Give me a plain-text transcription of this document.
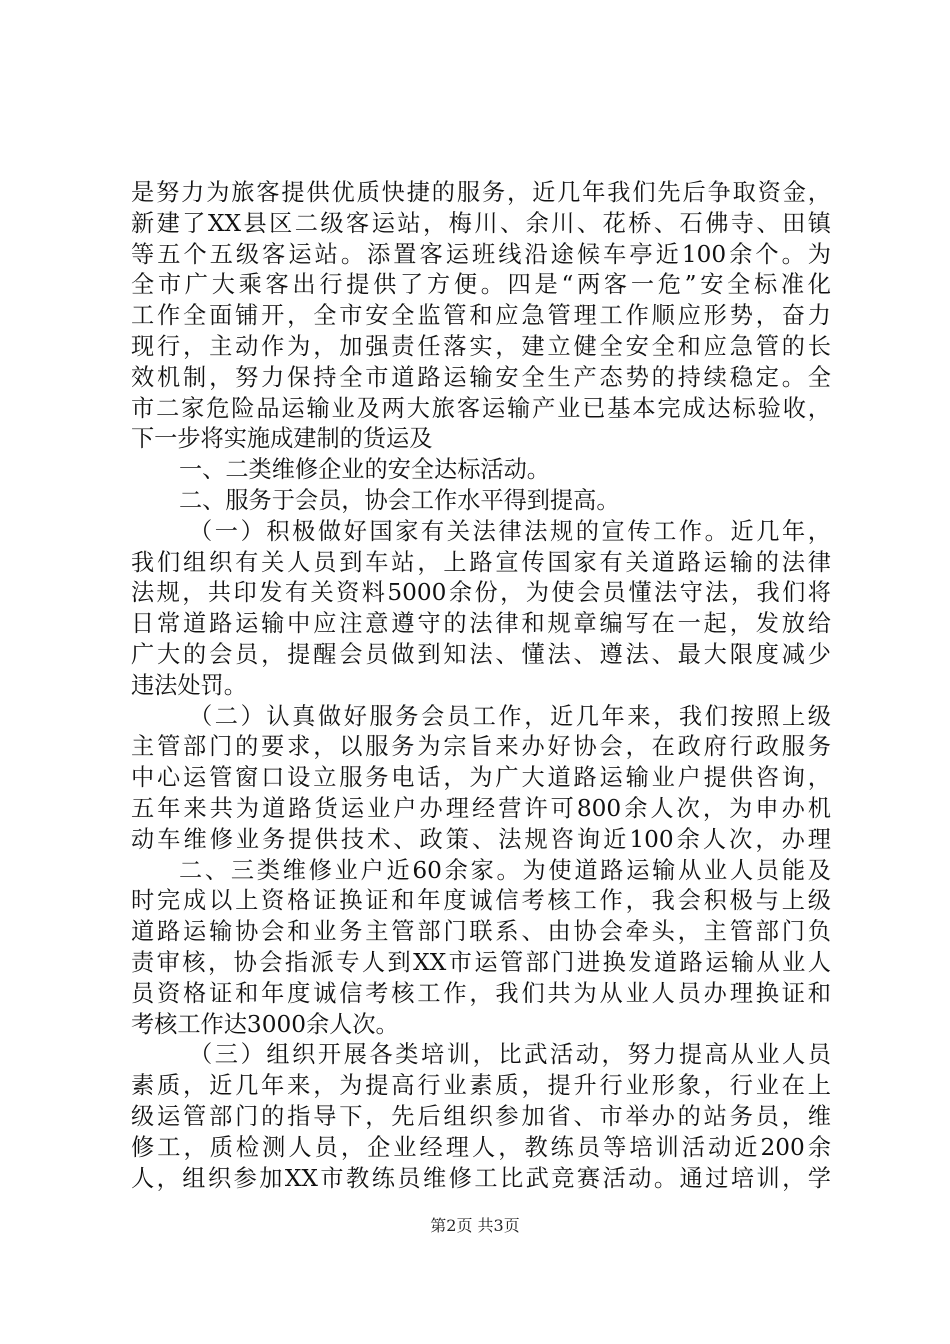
是努力为旅客提供优质快捷的服务，近几年我们先后争取资金，
新建了XX县区二级客运站，梅川、余川、花桥、石佛寺、田镇
等五个五级客运站。添置客运班线沿途候车亭近100余个。为
全市广大乘客出行提供了方便。四是“两客一危”安全标准化
工作全面铺开，全市安全监管和应急管理工作顺应形势，奋力
现行，主动作为，加强责任落实，建立健全安全和应急管的长
效机制，努力保持全市道路运输安全生产态势的持续稳定。全
市二家危险品运输业及两大旅客运输产业已基本完成达标验收，
下一步将实施成建制的货运及
一、二类维修企业的安全达标活动。
二、服务于会员，协会工作水平得到提高。
（一）积极做好国家有关法律法规的宣传工作。近几年，
我们组织有关人员到车站，上路宣传国家有关道路运输的法律
法规，共印发有关资料5000余份，为使会员懂法守法，我们将
日常道路运输中应注意遵守的法律和规章编写在一起，发放给
广大的会员，提醒会员做到知法、懂法、遵法、最大限度减少
违法处罚。
（二）认真做好服务会员工作，近几年来，我们按照上级
主管部门的要求，以服务为宗旨来办好协会，在政府行政服务
中心运管窗口设立服务电话，为广大道路运输业户提供咨询，
五年来共为道路货运业户办理经营许可800余人次，为申办机
动车维修业务提供技术、政策、法规咨询近100余人次，办理
二、三类维修业户近60余家。为使道路运输从业人员能及
时完成以上资格证换证和年度诚信考核工作，我会积极与上级
道路运输协会和业务主管部门联系、由协会牵头，主管部门负
责审核，协会指派专人到XX市运管部门进换发道路运输从业人
员资格证和年度诚信考核工作，我们共为从业人员办理换证和
考核工作达3000余人次。
（三）组织开展各类培训，比武活动，努力提高从业人员
素质，近几年来，为提高行业素质，提升行业形象，行业在上
级运管部门的指导下，先后组织参加省、市举办的站务员，维
修工，质检测人员，企业经理人，教练员等培训活动近200余
人，组织参加XX市教练员维修工比武竞赛活动。通过培训，学
第2页 共3页
